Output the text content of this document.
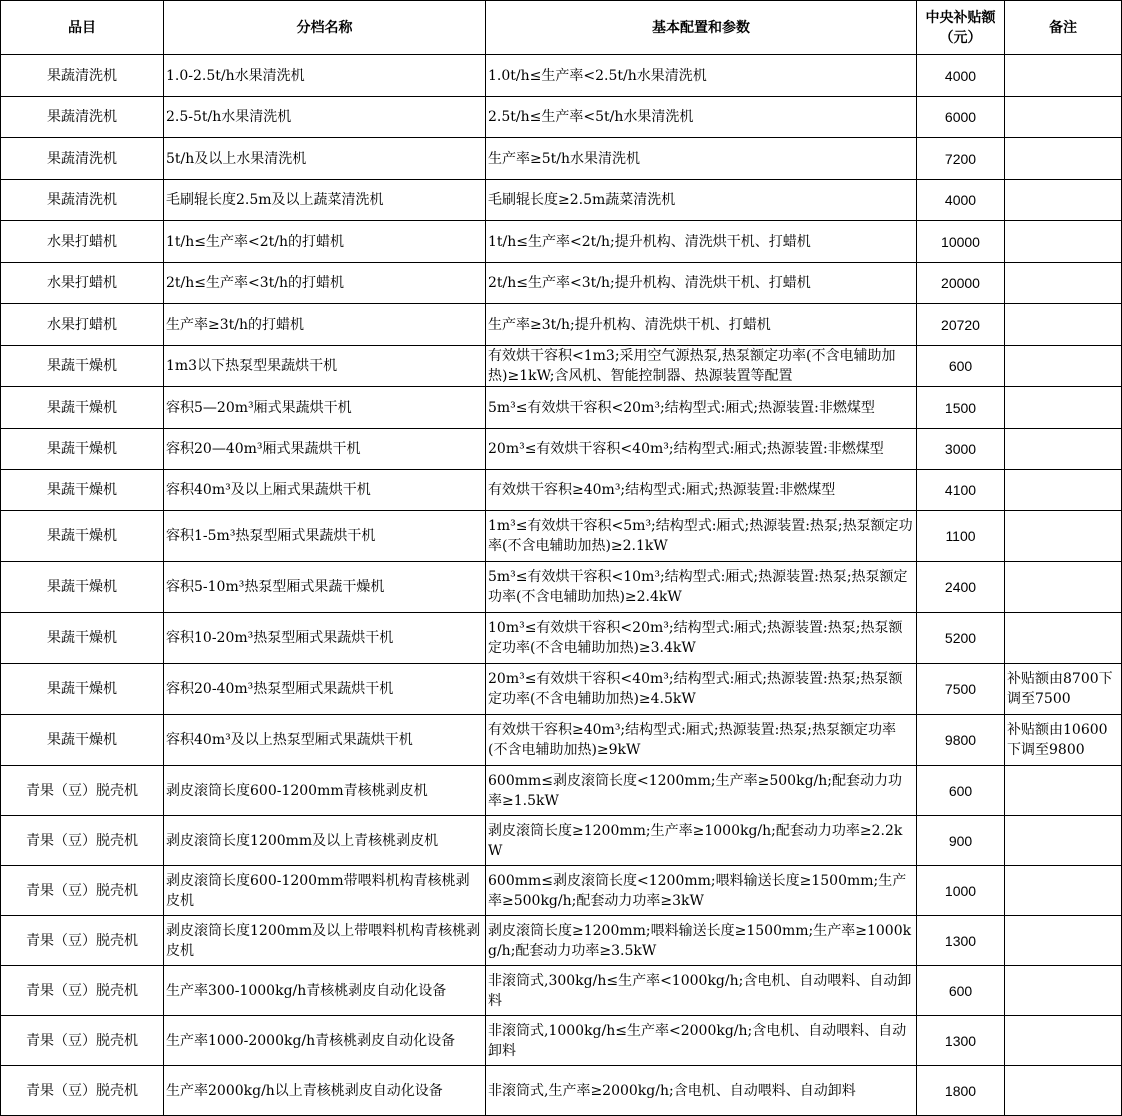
品目	分档名称	基本配置和参数	中央补贴额（元）	备注
果蔬清洗机	1.0-2.5t/h水果清洗机	1.0t/h≤生产率<2.5t/h水果清洗机	4000	
果蔬清洗机	2.5-5t/h水果清洗机	2.5t/h≤生产率<5t/h水果清洗机	6000	
果蔬清洗机	5t/h及以上水果清洗机	生产率≥5t/h水果清洗机	7200	
果蔬清洗机	毛刷辊长度2.5m及以上蔬菜清洗机	毛刷辊长度≥2.5m蔬菜清洗机	4000	
水果打蜡机	1t/h≤生产率<2t/h的打蜡机	1t/h≤生产率<2t/h;提升机构、清洗烘干机、打蜡机	10000	
水果打蜡机	2t/h≤生产率<3t/h的打蜡机	2t/h≤生产率<3t/h;提升机构、清洗烘干机、打蜡机	20000	
水果打蜡机	生产率≥3t/h的打蜡机	生产率≥3t/h;提升机构、清洗烘干机、打蜡机	20720	
果蔬干燥机	1m3以下热泵型果蔬烘干机	有效烘干容积<1m3;采用空气源热泵,热泵额定功率(不含电辅助加热)≥1kW;含风机、智能控制器、热源装置等配置	600	
果蔬干燥机	容积5—20m³厢式果蔬烘干机	5m³≤有效烘干容积<20m³;结构型式:厢式;热源装置:非燃煤型	1500	
果蔬干燥机	容积20—40m³厢式果蔬烘干机	20m³≤有效烘干容积<40m³;结构型式:厢式;热源装置:非燃煤型	3000	
果蔬干燥机	容积40m³及以上厢式果蔬烘干机	有效烘干容积≥40m³;结构型式:厢式;热源装置:非燃煤型	4100	
果蔬干燥机	容积1-5m³热泵型厢式果蔬烘干机	1m³≤有效烘干容积<5m³;结构型式:厢式;热源装置:热泵;热泵额定功率(不含电辅助加热)≥2.1kW	1100	
果蔬干燥机	容积5-10m³热泵型厢式果蔬干燥机	5m³≤有效烘干容积<10m³;结构型式:厢式;热源装置:热泵;热泵额定功率(不含电辅助加热)≥2.4kW	2400	
果蔬干燥机	容积10-20m³热泵型厢式果蔬烘干机	10m³≤有效烘干容积<20m³;结构型式:厢式;热源装置:热泵;热泵额定功率(不含电辅助加热)≥3.4kW	5200	
果蔬干燥机	容积20-40m³热泵型厢式果蔬烘干机	20m³≤有效烘干容积<40m³;结构型式:厢式;热源装置:热泵;热泵额定功率(不含电辅助加热)≥4.5kW	7500	补贴额由8700下调至7500
果蔬干燥机	容积40m³及以上热泵型厢式果蔬烘干机	有效烘干容积≥40m³;结构型式:厢式;热源装置:热泵;热泵额定功率(不含电辅助加热)≥9kW	9800	补贴额由10600下调至9800
青果（豆）脱壳机	剥皮滚筒长度600-1200mm青核桃剥皮机	600mm≤剥皮滚筒长度<1200mm;生产率≥500kg/h;配套动力功率≥1.5kW	600	
青果（豆）脱壳机	剥皮滚筒长度1200mm及以上青核桃剥皮机	剥皮滚筒长度≥1200mm;生产率≥1000kg/h;配套动力功率≥2.2kW	900	
青果（豆）脱壳机	剥皮滚筒长度600-1200mm带喂料机构青核桃剥皮机	600mm≤剥皮滚筒长度<1200mm;喂料输送长度≥1500mm;生产率≥500kg/h;配套动力功率≥3kW	1000	
青果（豆）脱壳机	剥皮滚筒长度1200mm及以上带喂料机构青核桃剥皮机	剥皮滚筒长度≥1200mm;喂料输送长度≥1500mm;生产率≥1000kg/h;配套动力功率≥3.5kW	1300	
青果（豆）脱壳机	生产率300-1000kg/h青核桃剥皮自动化设备	非滚筒式,300kg/h≤生产率<1000kg/h;含电机、自动喂料、自动卸料	600	
青果（豆）脱壳机	生产率1000-2000kg/h青核桃剥皮自动化设备	非滚筒式,1000kg/h≤生产率<2000kg/h;含电机、自动喂料、自动卸料	1300	
青果（豆）脱壳机	生产率2000kg/h以上青核桃剥皮自动化设备	非滚筒式,生产率≥2000kg/h;含电机、自动喂料、自动卸料	1800	
